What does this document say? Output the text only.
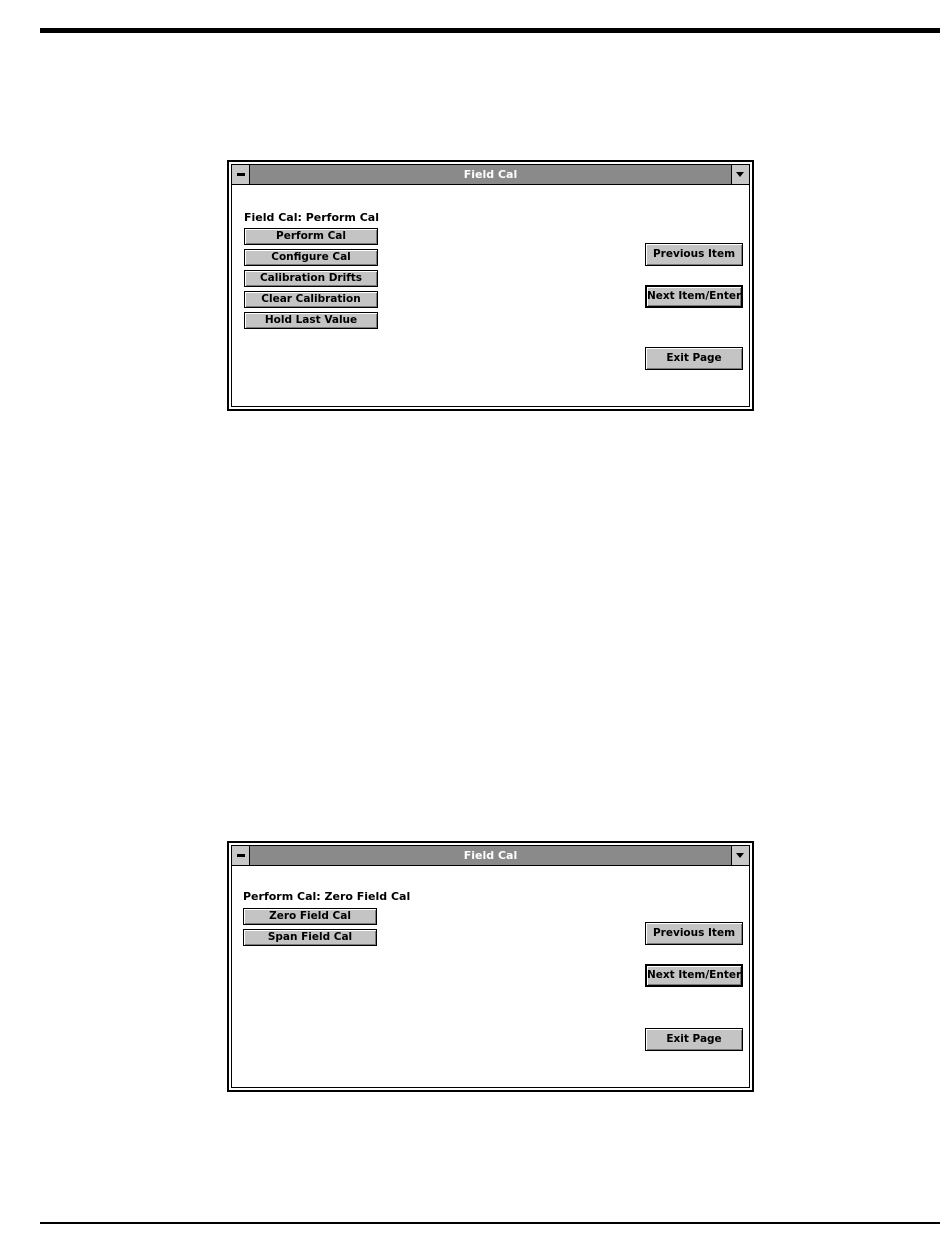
Field Cal
Field Cal: Perform Cal
Perform Cal
Configure Cal
Calibration Drifts
Clear Calibration
Hold Last Value
Previous Item
Next Item/Enter
Exit Page
Field Cal
Perform Cal: Zero Field Cal
Zero Field Cal
Span Field Cal	Previous Item
Next Item/Enter
Exit Page
